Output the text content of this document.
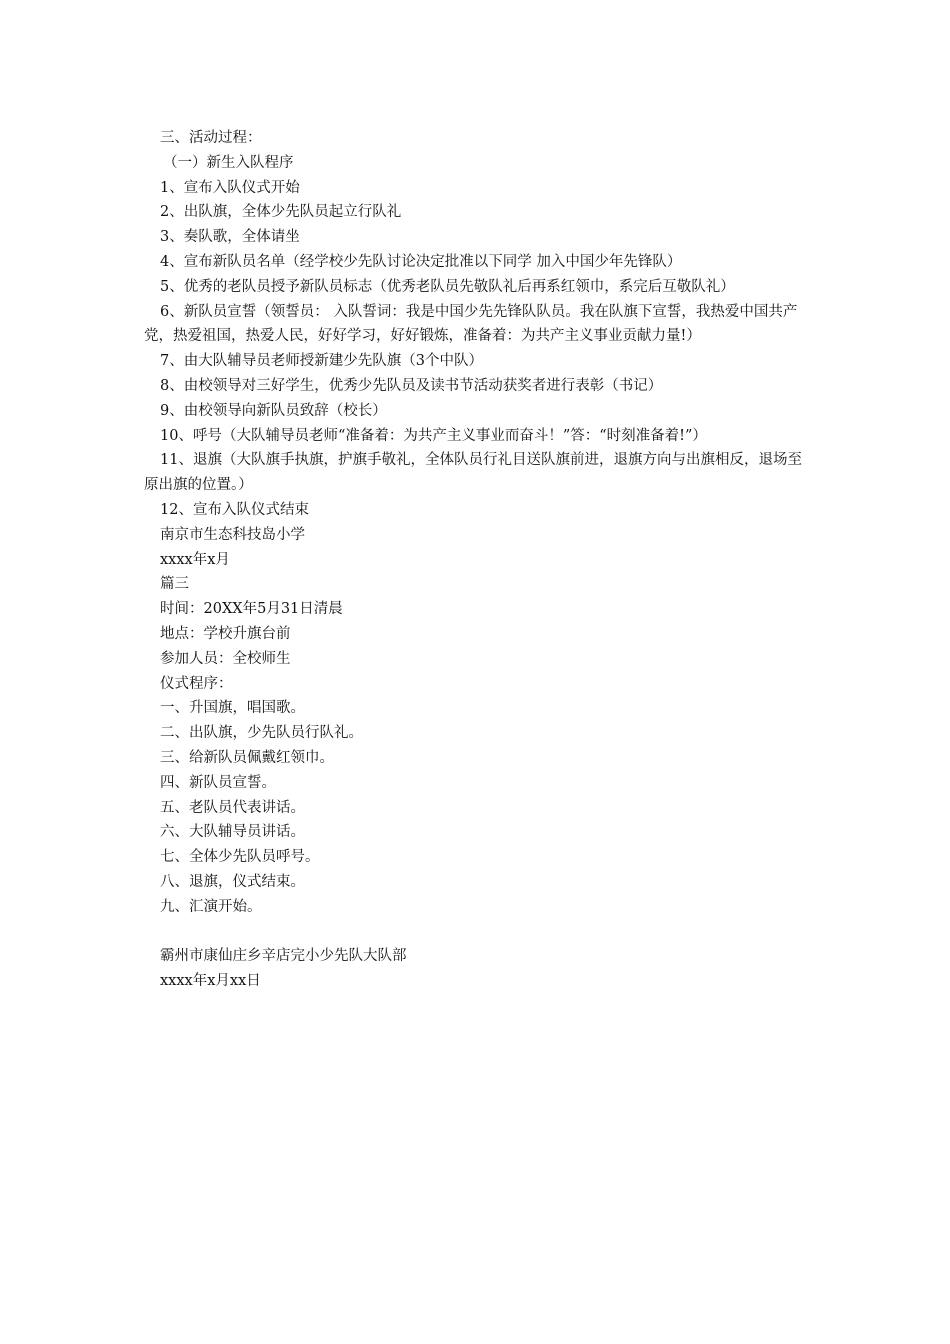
三、活动过程：

（一）新生入队程序

1、宣布入队仪式开始

2、出队旗，全体少先队员起立行队礼

3、奏队歌，全体请坐

4、宣布新队员名单（经学校少先队讨论决定批准以下同学 加入中国少年先锋队）

5、优秀的老队员授予新队员标志（优秀老队员先敬队礼后再系红领巾，系完后互敬队礼）

6、新队员宣誓（领誓员： 入队誓词：我是中国少先先锋队队员。我在队旗下宣誓，我热爱中国共产党，热爱祖国，热爱人民，好好学习，好好锻炼，准备着：为共产主义事业贡献力量!）

7、由大队辅导员老师授新建少先队旗（3个中队）

8、由校领导对三好学生，优秀少先队员及读书节活动获奖者进行表彰（书记）

9、由校领导向新队员致辞（校长）

10、呼号（大队辅导员老师“准备着：为共产主义事业而奋斗！”答：“时刻准备着!”）

11、退旗（大队旗手执旗，护旗手敬礼，全体队员行礼目送队旗前进，退旗方向与出旗相反，退场至原出旗的位置。）

12、宣布入队仪式结束

南京市生态科技岛小学

xxxx年x月

篇三

时间：20XX年5月31日清晨

地点：学校升旗台前

参加人员：全校师生

仪式程序：

一、升国旗，唱国歌。

二、出队旗，少先队员行队礼。

三、给新队员佩戴红领巾。

四、新队员宣誓。

五、老队员代表讲话。

六、大队辅导员讲话。

七、全体少先队员呼号。

八、退旗，仪式结束。

九、汇演开始。

霸州市康仙庄乡辛店完小少先队大队部

xxxx年x月xx日
